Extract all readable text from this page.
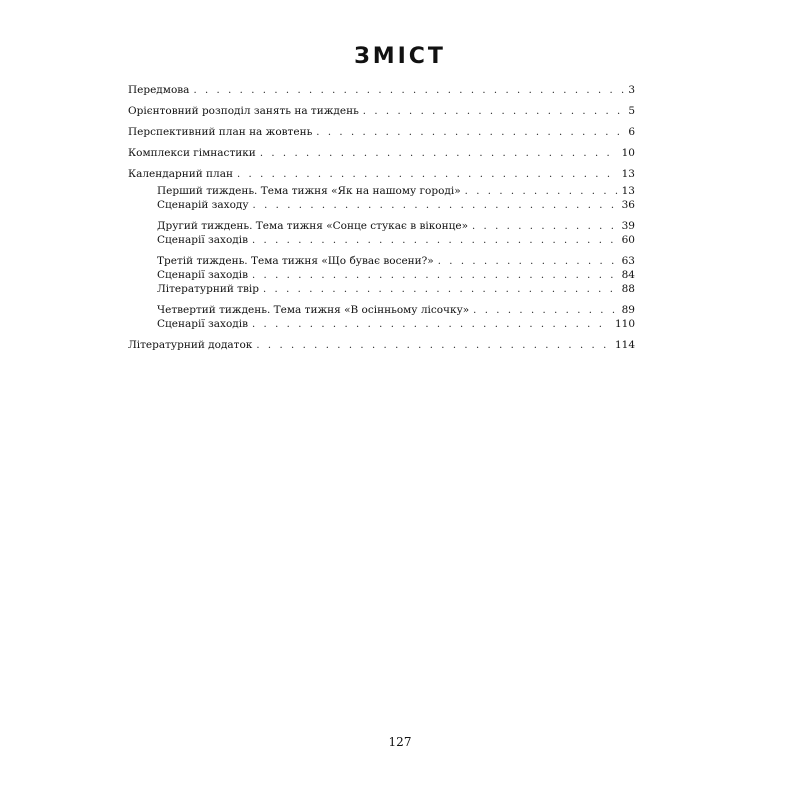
ЗМІСТ
Передмова . . .	3
Орієнтовний розподіл занять на тиждень . . .	5
Перспективний план на жовтень . . .	6
Комплекси гімнастики . . .	10
Календарний план . . .	13
Перший тиждень. Тема тижня «Як на нашому городі» . . .	13
Сценарій заходу . . .	36
Другий тиждень. Тема тижня «Сонце стукає в віконце» . . .	39
Сценарії заходів . . .	60
Третій тиждень. Тема тижня «Що буває восени?» . . .	63
Сценарії заходів . . .	84
Літературний твір . . .	88
Четвертий тиждень. Тема тижня «В осінньому лісочку» . . .	89
Сценарії заходів . . .	110
Літературний додаток . . .	114
127
